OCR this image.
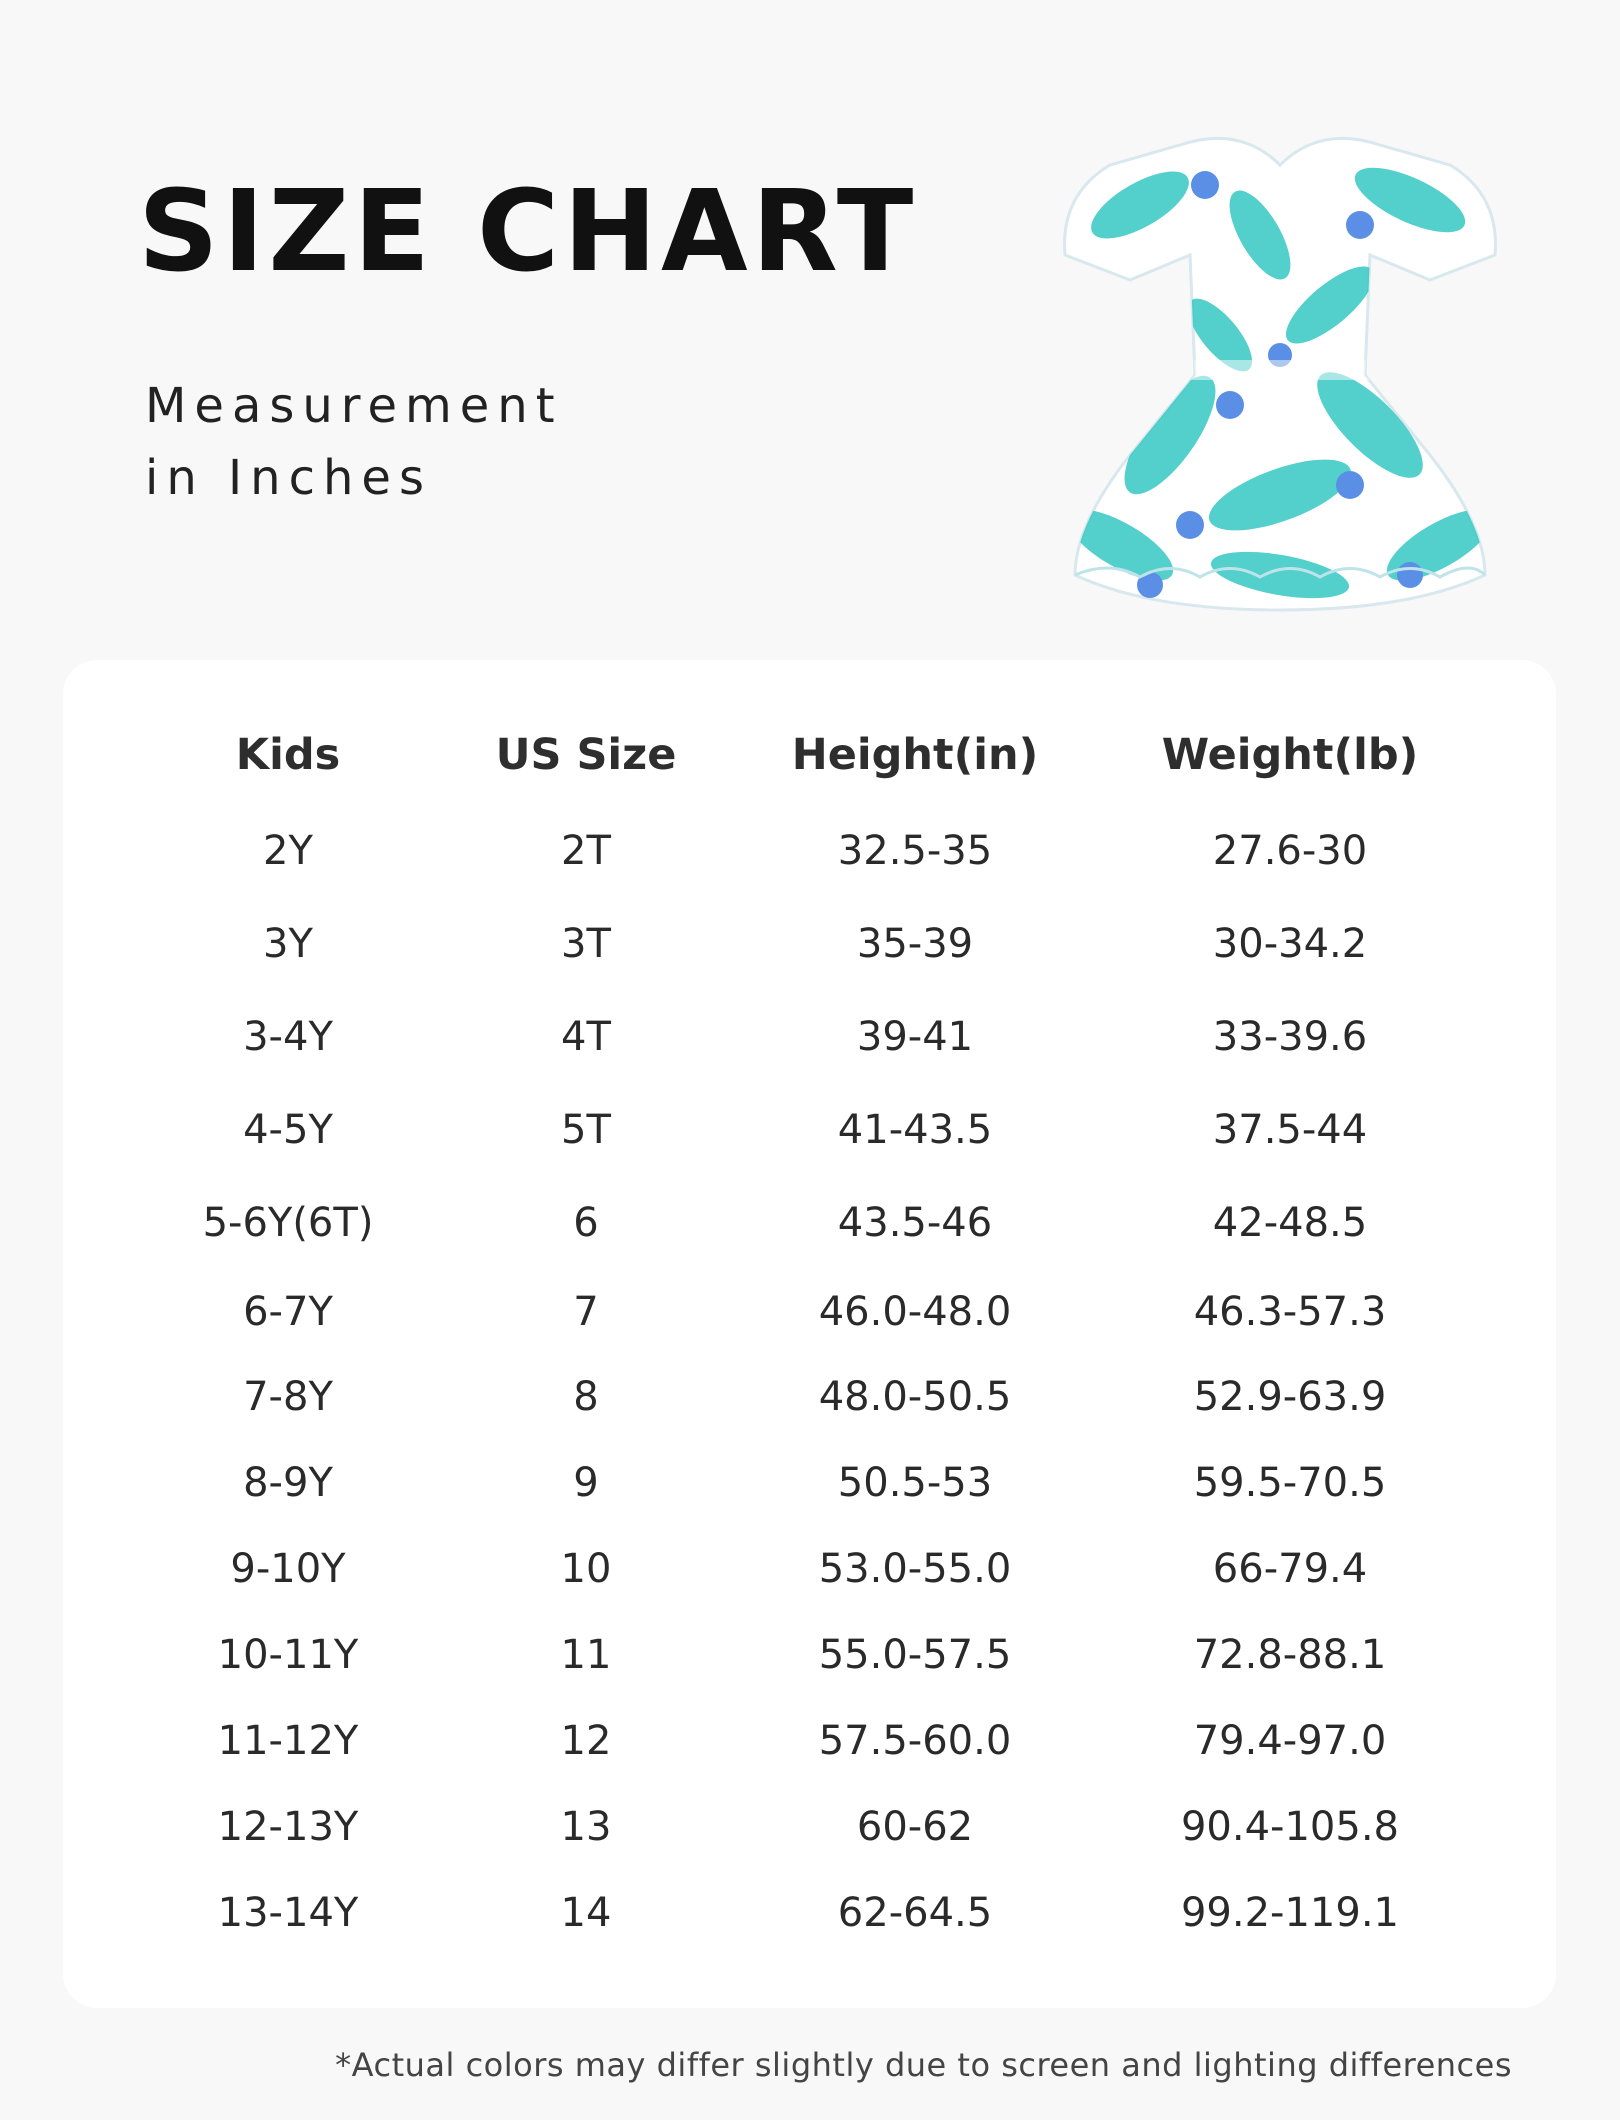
SIZE CHART
Measurement
in Inches
Kids	US Size	Height(in)	Weight(lb)
2Y	2T	32.5-35	27.6-30
3Y	3T	35-39	30-34.2
3-4Y	4T	39-41	33-39.6
4-5Y	5T	41-43.5	37.5-44
5-6Y(6T)	6	43.5-46	42-48.5
6-7Y	7	46.0-48.0	46.3-57.3
7-8Y	8	48.0-50.5	52.9-63.9
8-9Y	9	50.5-53	59.5-70.5
9-10Y	10	53.0-55.0	66-79.4
10-11Y	11	55.0-57.5	72.8-88.1
11-12Y	12	57.5-60.0	79.4-97.0
12-13Y	13	60-62	90.4-105.8
13-14Y	14	62-64.5	99.2-119.1
*Actual colors may differ slightly due to screen and lighting differences
